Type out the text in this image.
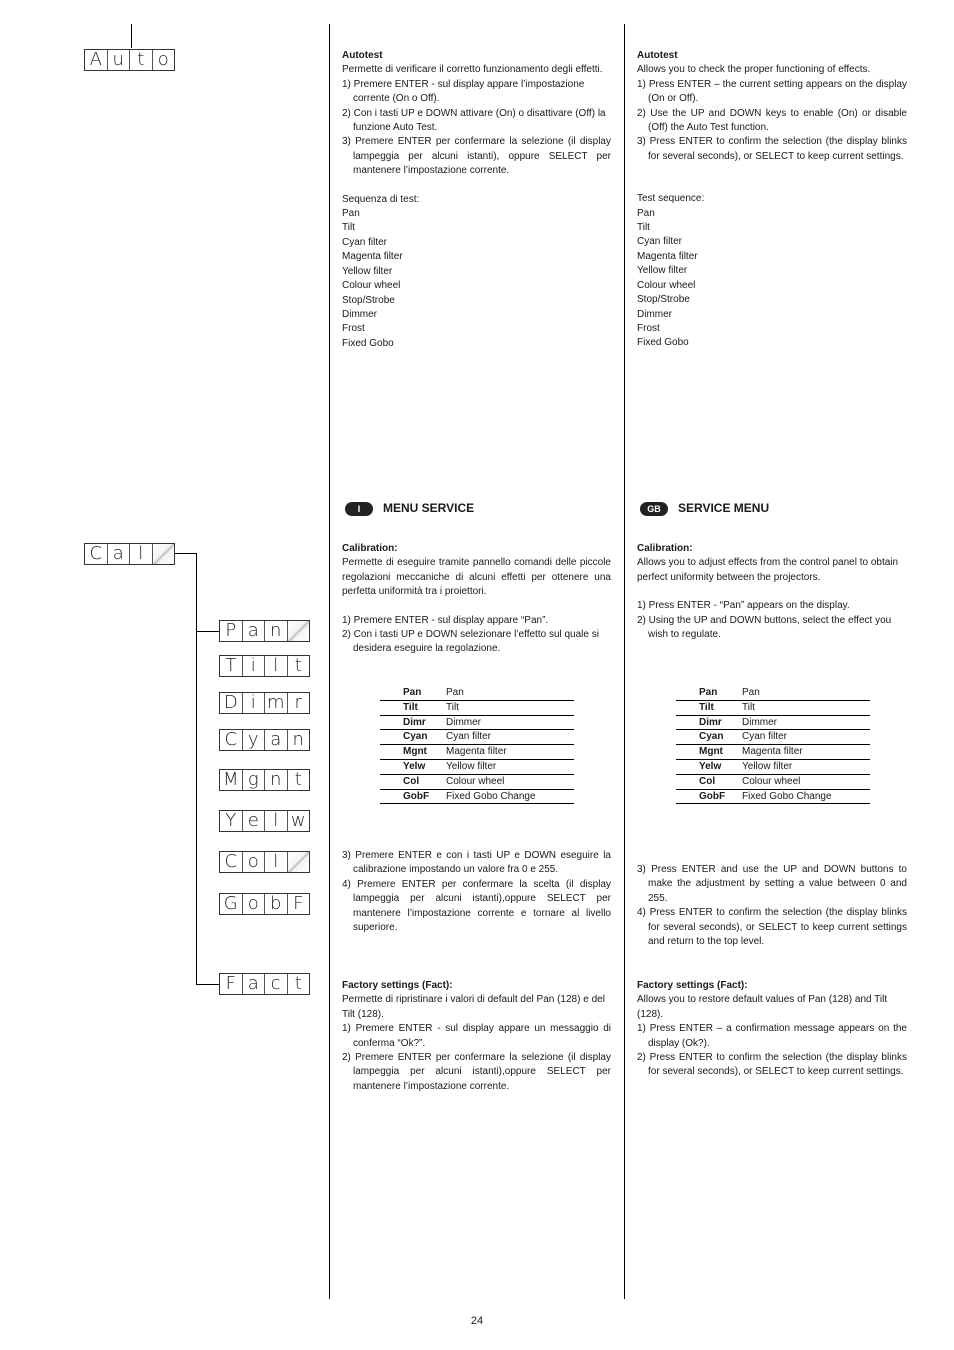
A u t o
C a l
P a n
T i l t
D i m r
C y a n
M g n t
Y e l w
C o l
G o b F
F a c t

Autotest

Permette di verificare il corretto funzionamento degli effetti.

1) Premere ENTER - sul display appare l’impostazione corrente (On o Off).

2) Con i tasti UP e DOWN attivare (On) o disattivare (Off) la funzione Auto Test.

3) Premere ENTER per confermare la selezione (il display lampeggia per alcuni istanti), oppure SELECT per mantenere l’impostazione corrente.

Sequenza di test:

Pan

Tilt

Cyan filter

Magenta filter

Yellow filter

Colour wheel

Stop/Strobe

Dimmer

Frost

Fixed Gobo

I MENU SERVICE

Calibration:

Permette di eseguire tramite pannello comandi delle piccole regolazioni meccaniche di alcuni effetti per ottenere una perfetta uniformità tra i proiettori.

1) Premere ENTER - sul display appare “Pan”.

2) Con i tasti UP e DOWN selezionare l’effetto sul quale si desidera eseguire la regolazione.

Pan	Pan
Tilt	Tilt
Dimr	Dimmer
Cyan	Cyan filter
Mgnt	Magenta filter
Yelw	Yellow filter
Col	Colour wheel
GobF	Fixed Gobo Change

3) Premere ENTER e con i tasti UP e DOWN eseguire la calibrazione impostando un valore fra 0 e 255.

4) Premere ENTER per confermare la scelta (il display lampeggia per alcuni istanti),oppure SELECT per mantenere l’impostazione corrente e tornare al livello superiore.

Factory settings (Fact):

Permette di ripristinare i valori di default del Pan (128) e del Tilt (128).

1) Premere ENTER - sul display appare un messaggio di conferma “Ok?”.

2) Premere ENTER per confermare la selezione (il display lampeggia per alcuni istanti),oppure SELECT per mantenere l’impostazione corrente.

Autotest

Allows you to check the proper functioning of effects.

1) Press ENTER – the current setting appears on the display (On or Off).

2) Use the UP and DOWN keys to enable (On) or disable (Off) the Auto Test function.

3) Press ENTER to confirm the selection (the display blinks for several seconds), or SELECT to keep current settings.

Test sequence:

Pan

Tilt

Cyan filter

Magenta filter

Yellow filter

Colour wheel

Stop/Strobe

Dimmer

Frost

Fixed Gobo

GB SERVICE MENU

Calibration:

Allows you to adjust effects from the control panel to obtain perfect uniformity between the projectors.

1) Press ENTER - “Pan” appears on the display.

2) Using the UP and DOWN buttons, select the effect you wish to regulate.

Pan	Pan
Tilt	Tilt
Dimr	Dimmer
Cyan	Cyan filter
Mgnt	Magenta filter
Yelw	Yellow filter
Col	Colour wheel
GobF	Fixed Gobo Change

3) Press ENTER and use the UP and DOWN buttons to make the adjustment by setting a value between 0 and 255.

4) Press ENTER to confirm the selection (the display blinks for several seconds), or SELECT to keep current settings and return to the top level.

Factory settings (Fact):

Allows you to restore default values of Pan (128) and Tilt (128).

1) Press ENTER – a confirmation message appears on the display (Ok?).

2) Press ENTER to confirm the selection (the display blinks for several seconds), or SELECT to keep current settings.

24
